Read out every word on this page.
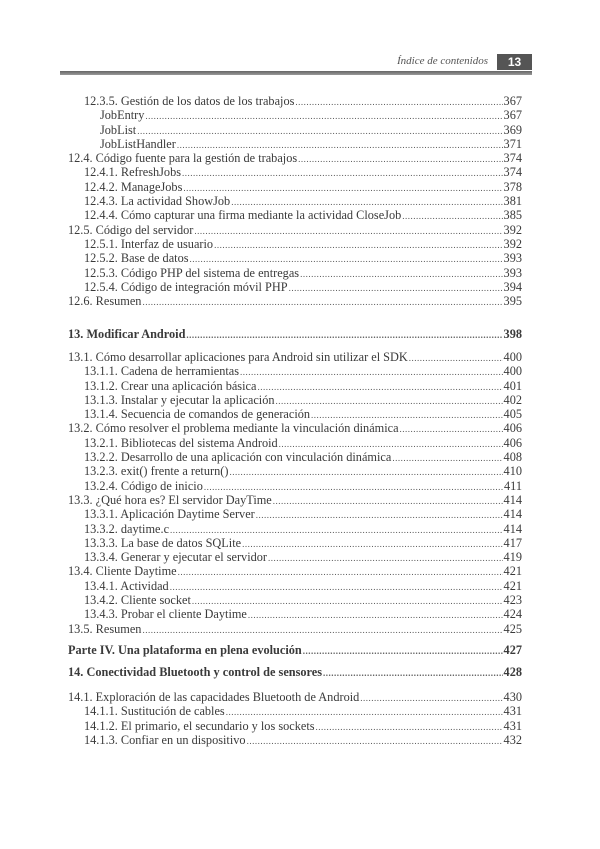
Índice de contenidos	13
12.3.5. Gestión de los datos de los trabajos .....	367
JobEntry .....	367
JobList .....	369
JobListHandler .....	371
12.4. Código fuente para la gestión de trabajos .....	374
12.4.1. RefreshJobs .....	374
12.4.2. ManageJobs .....	378
12.4.3. La actividad ShowJob .....	381
12.4.4. Cómo capturar una firma mediante la actividad CloseJob .....	385
12.5. Código del servidor .....	392
12.5.1. Interfaz de usuario .....	392
12.5.2. Base de datos .....	393
12.5.3. Código PHP del sistema de entregas .....	393
12.5.4. Código de integración móvil PHP .....	394
12.6. Resumen .....	395
13. Modificar Android .....	398
13.1. Cómo desarrollar aplicaciones para Android sin utilizar el SDK .....	400
13.1.1. Cadena de herramientas .....	400
13.1.2. Crear una aplicación básica .....	401
13.1.3. Instalar y ejecutar la aplicación .....	402
13.1.4. Secuencia de comandos de generación .....	405
13.2. Cómo resolver el problema mediante la vinculación dinámica .....	406
13.2.1. Bibliotecas del sistema Android .....	406
13.2.2. Desarrollo de una aplicación con vinculación dinámica .....	408
13.2.3. exit() frente a return() .....	410
13.2.4. Código de inicio .....	411
13.3. ¿Qué hora es? El servidor DayTime .....	414
13.3.1. Aplicación Daytime Server .....	414
13.3.2. daytime.c .....	414
13.3.3. La base de datos SQLite .....	417
13.3.4. Generar y ejecutar el servidor .....	419
13.4. Cliente Daytime .....	421
13.4.1. Actividad .....	421
13.4.2. Cliente socket .....	423
13.4.3. Probar el cliente Daytime .....	424
13.5. Resumen .....	425
Parte IV. Una plataforma en plena evolución .....	427
14. Conectividad Bluetooth y control de sensores .....	428
14.1. Exploración de las capacidades Bluetooth de Android .....	430
14.1.1. Sustitución de cables .....	431
14.1.2. El primario, el secundario y los sockets .....	431
14.1.3. Confiar en un dispositivo .....	432
